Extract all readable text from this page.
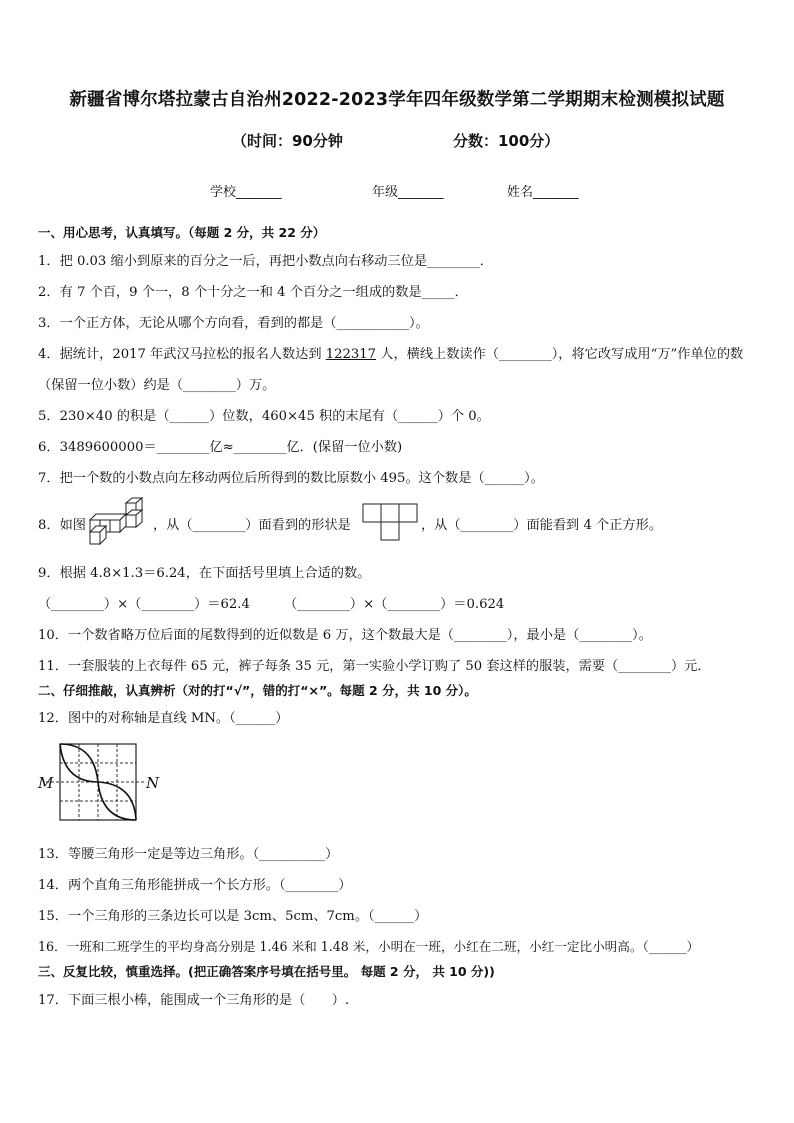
新疆省博尔塔拉蒙古自治州2022-2023学年四年级数学第二学期期末检测模拟试题
（时间：90分钟	分数：100分）
学校_______	年级_______	姓名_______
一、用心思考，认真填写。（每题 2 分，共 22 分）
1．把 0.03 缩小到原来的百分之一后，再把小数点向右移动三位是________．
2．有 7 个百，9 个一，8 个十分之一和 4 个百分之一组成的数是_____．
3．一个正方体，无论从哪个方向看，看到的都是（___________）。
4．据统计，2017 年武汉马拉松的报名人数达到 122317 人，横线上数读作（________），将它改写成用“万”作单位的数
（保留一位小数）约是（________）万。
5．230×40 的积是（______）位数，460×45 积的末尾有（______）个 0。
6．3489600000＝________亿≈________亿．(保留一位小数)
7．把一个数的小数点向左移动两位后所得到的数比原数小 495。这个数是（______）。
8．如图	，从（________）面看到的形状是	，从（________）面能看到 4 个正方形。
9．根据 4.8×1.3＝6.24，在下面括号里填上合适的数。
（________）×（________）＝62.4	（________）×（________）＝0.624
10．一个数省略万位后面的尾数得到的近似数是 6 万，这个数最大是（________），最小是（________）。
11．一套服装的上衣每件 65 元，裤子每条 35 元，第一实验小学订购了 50 套这样的服装，需要（________）元．
二、仔细推敲，认真辨析（对的打“√”，错的打“×”。每题 2 分，共 10 分）。
12．图中的对称轴是直线 MN。（______）
M	N
13．等腰三角形一定是等边三角形。（__________）
14．两个直角三角形能拼成一个长方形。（________）
15．一个三角形的三条边长可以是 3cm、5cm、7cm。（______）
16．一班和二班学生的平均身高分别是 1.46 米和 1.48 米，小明在一班，小红在二班，小红一定比小明高。（______）
三、反复比较，慎重选择。(把正确答案序号填在括号里。 每题 2 分， 共 10 分))
17．下面三根小棒，能围成一个三角形的是（　　）.
